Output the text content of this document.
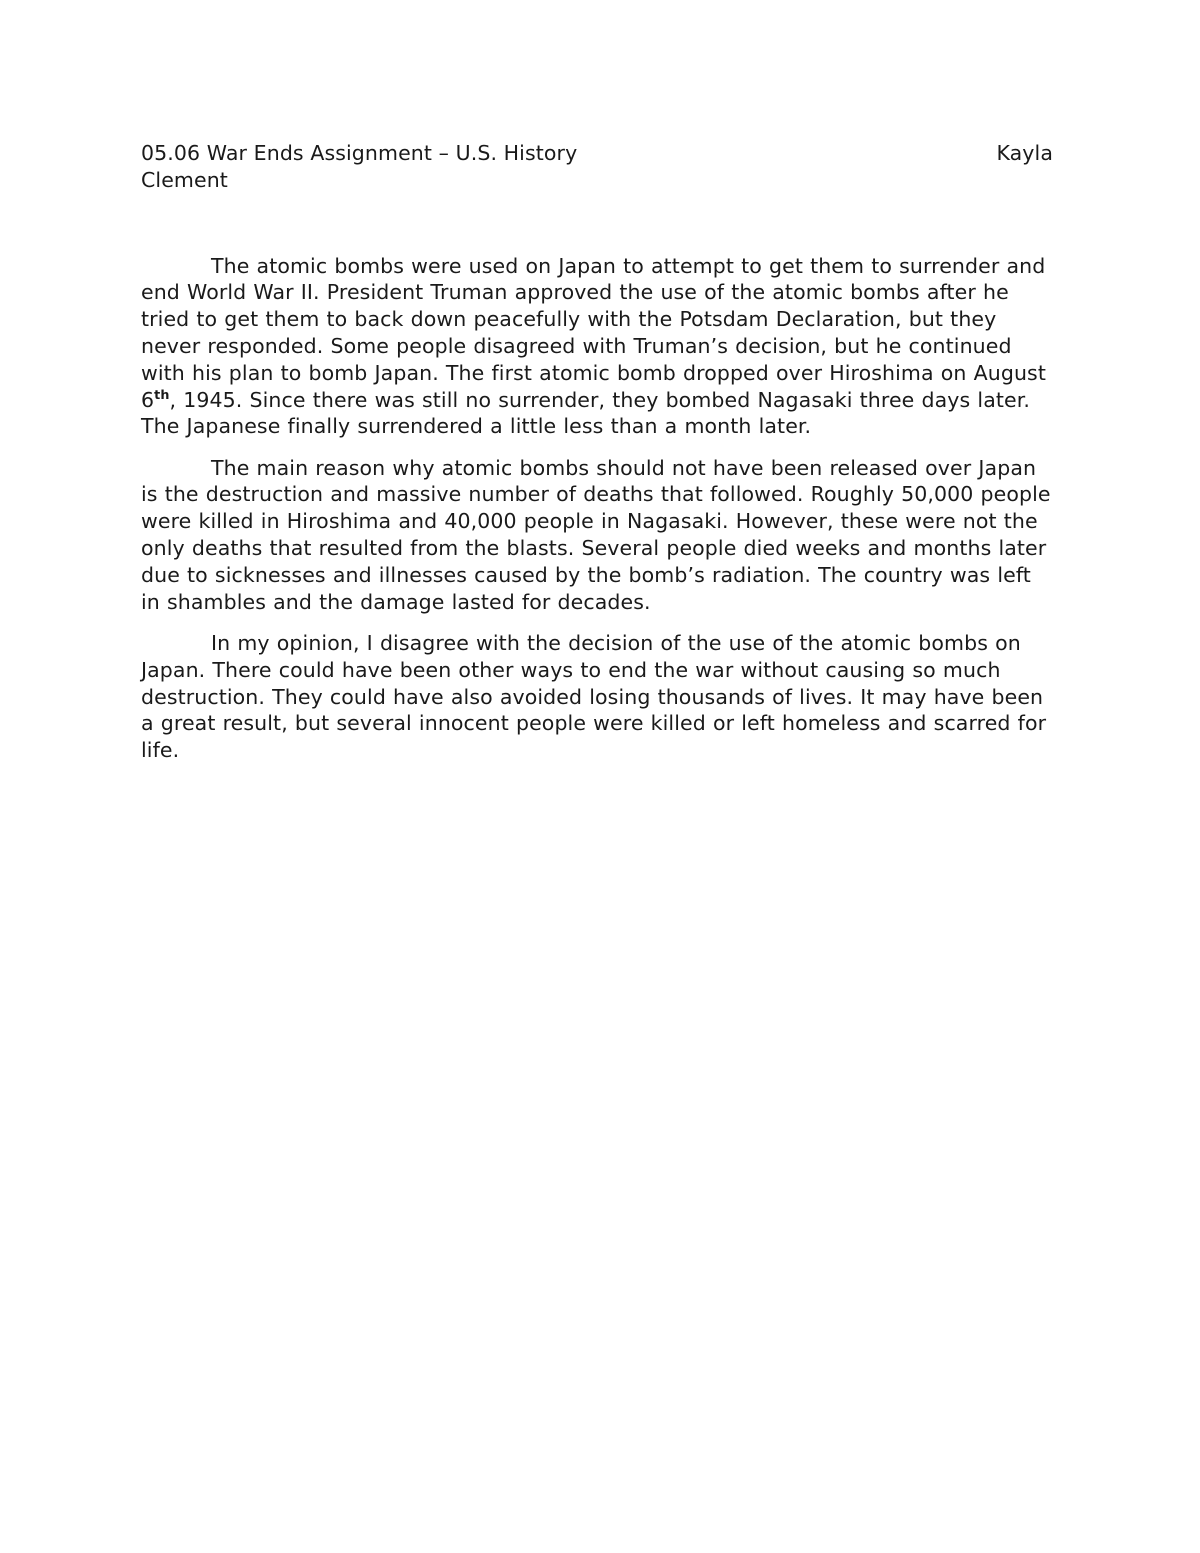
05.06 War Ends Assignment – U.S. History	Kayla
Clement

The atomic bombs were used on Japan to attempt to get them to surrender and end World War II. President Truman approved the use of the atomic bombs after he tried to get them to back down peacefully with the Potsdam Declaration, but they never responded. Some people disagreed with Truman’s decision, but he continued with his plan to bomb Japan. The first atomic bomb dropped over Hiroshima on August 6th, 1945. Since there was still no surrender, they bombed Nagasaki three days later. The Japanese finally surrendered a little less than a month later.

The main reason why atomic bombs should not have been released over Japan is the destruction and massive number of deaths that followed. Roughly 50,000 people were killed in Hiroshima and 40,000 people in Nagasaki. However, these were not the only deaths that resulted from the blasts. Several people died weeks and months later due to sicknesses and illnesses caused by the bomb’s radiation. The country was left in shambles and the damage lasted for decades.

In my opinion, I disagree with the decision of the use of the atomic bombs on Japan. There could have been other ways to end the war without causing so much destruction. They could have also avoided losing thousands of lives. It may have been a great result, but several innocent people were killed or left homeless and scarred for life.
